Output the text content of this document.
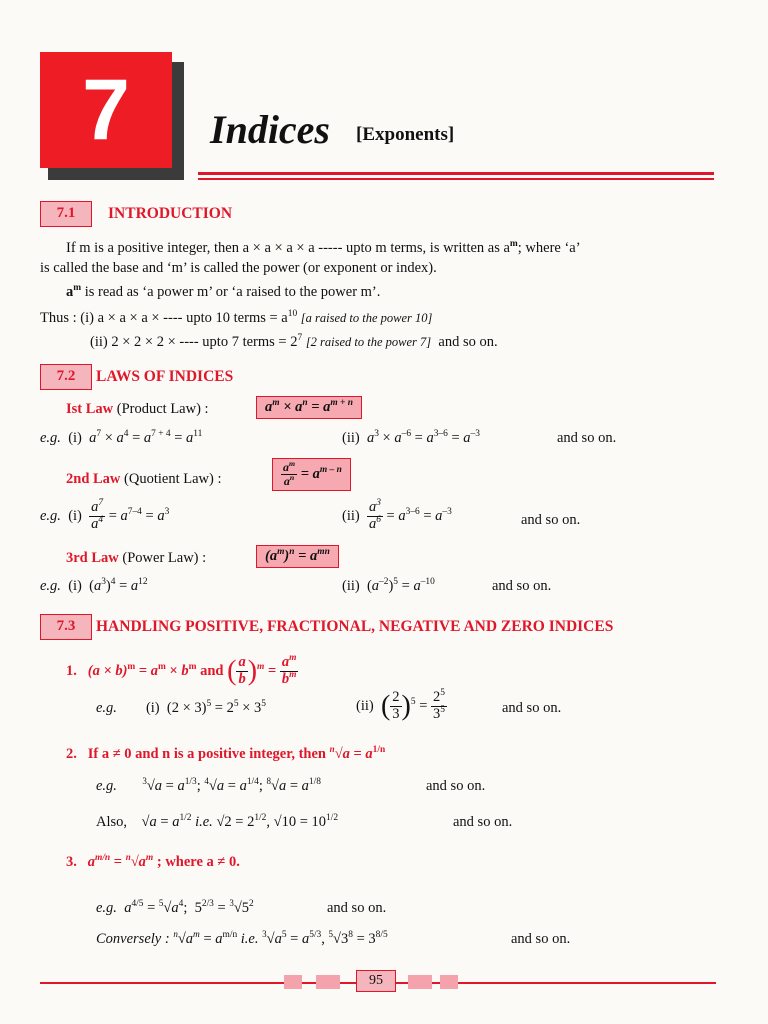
7	Indices [Exponents]
7.1	INTRODUCTION
If m is a positive integer, then a × a × a × a ----- upto m terms, is written as $a^m$; where ‘a’
is called the base and ‘m’ is called the power (or exponent or index).
$a^m$ is read as ‘a power m’ or ‘a raised to the power m’.
Thus : (i) a × a × a × ---- upto 10 terms = $a^{10}$ [a raised to the power 10]
(ii) 2 × 2 × 2 × ---- upto 7 terms = $2^7$ [2 raised to the power 7] and so on.
7.2	LAWS OF INDICES
Ist Law (Product Law) :	$a^m \times a^n = a^{m + n}$
e.g.  (i)  $a^7 \times a^4 = a^{7 + 4} = a^{11}$	(ii)  $a^3 \times a^{-6} = a^{3-6} = a^{-3}$	and so on.
2nd Law (Quotient Law) :	$\frac{a^m}{a^n} = a^{m - n}$
e.g.  $(i) \frac{a^7}{a^4} = a^{7-4} = a^3$	$(ii) \frac{a^3}{a^6} = a^{3-6} = a^{-3}$
and so on.
3rd Law (Power Law) :	$(a^m)^n = a^{mn}$
e.g.  (i)  $(a^3)^4 = a^{12}$	(ii)  $(a^{-2})^5 = a^{-10}$	and so on.
7.3	HANDLING POSITIVE, FRACTIONAL, NEGATIVE AND ZERO INDICES
1.   $(a \times b)^m = a^m \times b^m$ and ( $\frac{a}{b} )^m = \frac{a^m}{b^m}$
e.g.        (i)  $(2 \times 3)^5 = 2^5 \times 3^5$	(ii)  ( $\frac{2}{3} )^5 = \frac{2^5}{3^5}$	and so on.
2.   If a ≠ 0 and n is a positive integer, then $^n√a = a^{1/n}$
e.g.	$^3√a = a^{1/3}$; $^4√a = a^{1/4}$; $^8√a = a^{1/8}$	and so on.
Also,    $√a = a^{1/2}$ i.e. $√2 = 2^{1/2}$, $√10 = 10^{1/2}$	and so on.
3.   $a^{m/n} = ^n√a^m$ ; where a ≠ 0.
e.g. $a^{4/5} = ^5√a^4$;  $5^{2/3} = ^3√5^2$	and so on.
Conversely : $^n√a^m = a^{m/n}$ i.e. $^3√a^5 = a^{5/3}$, $^5√3^8 = 3^{8/5}$	and so on.
95
